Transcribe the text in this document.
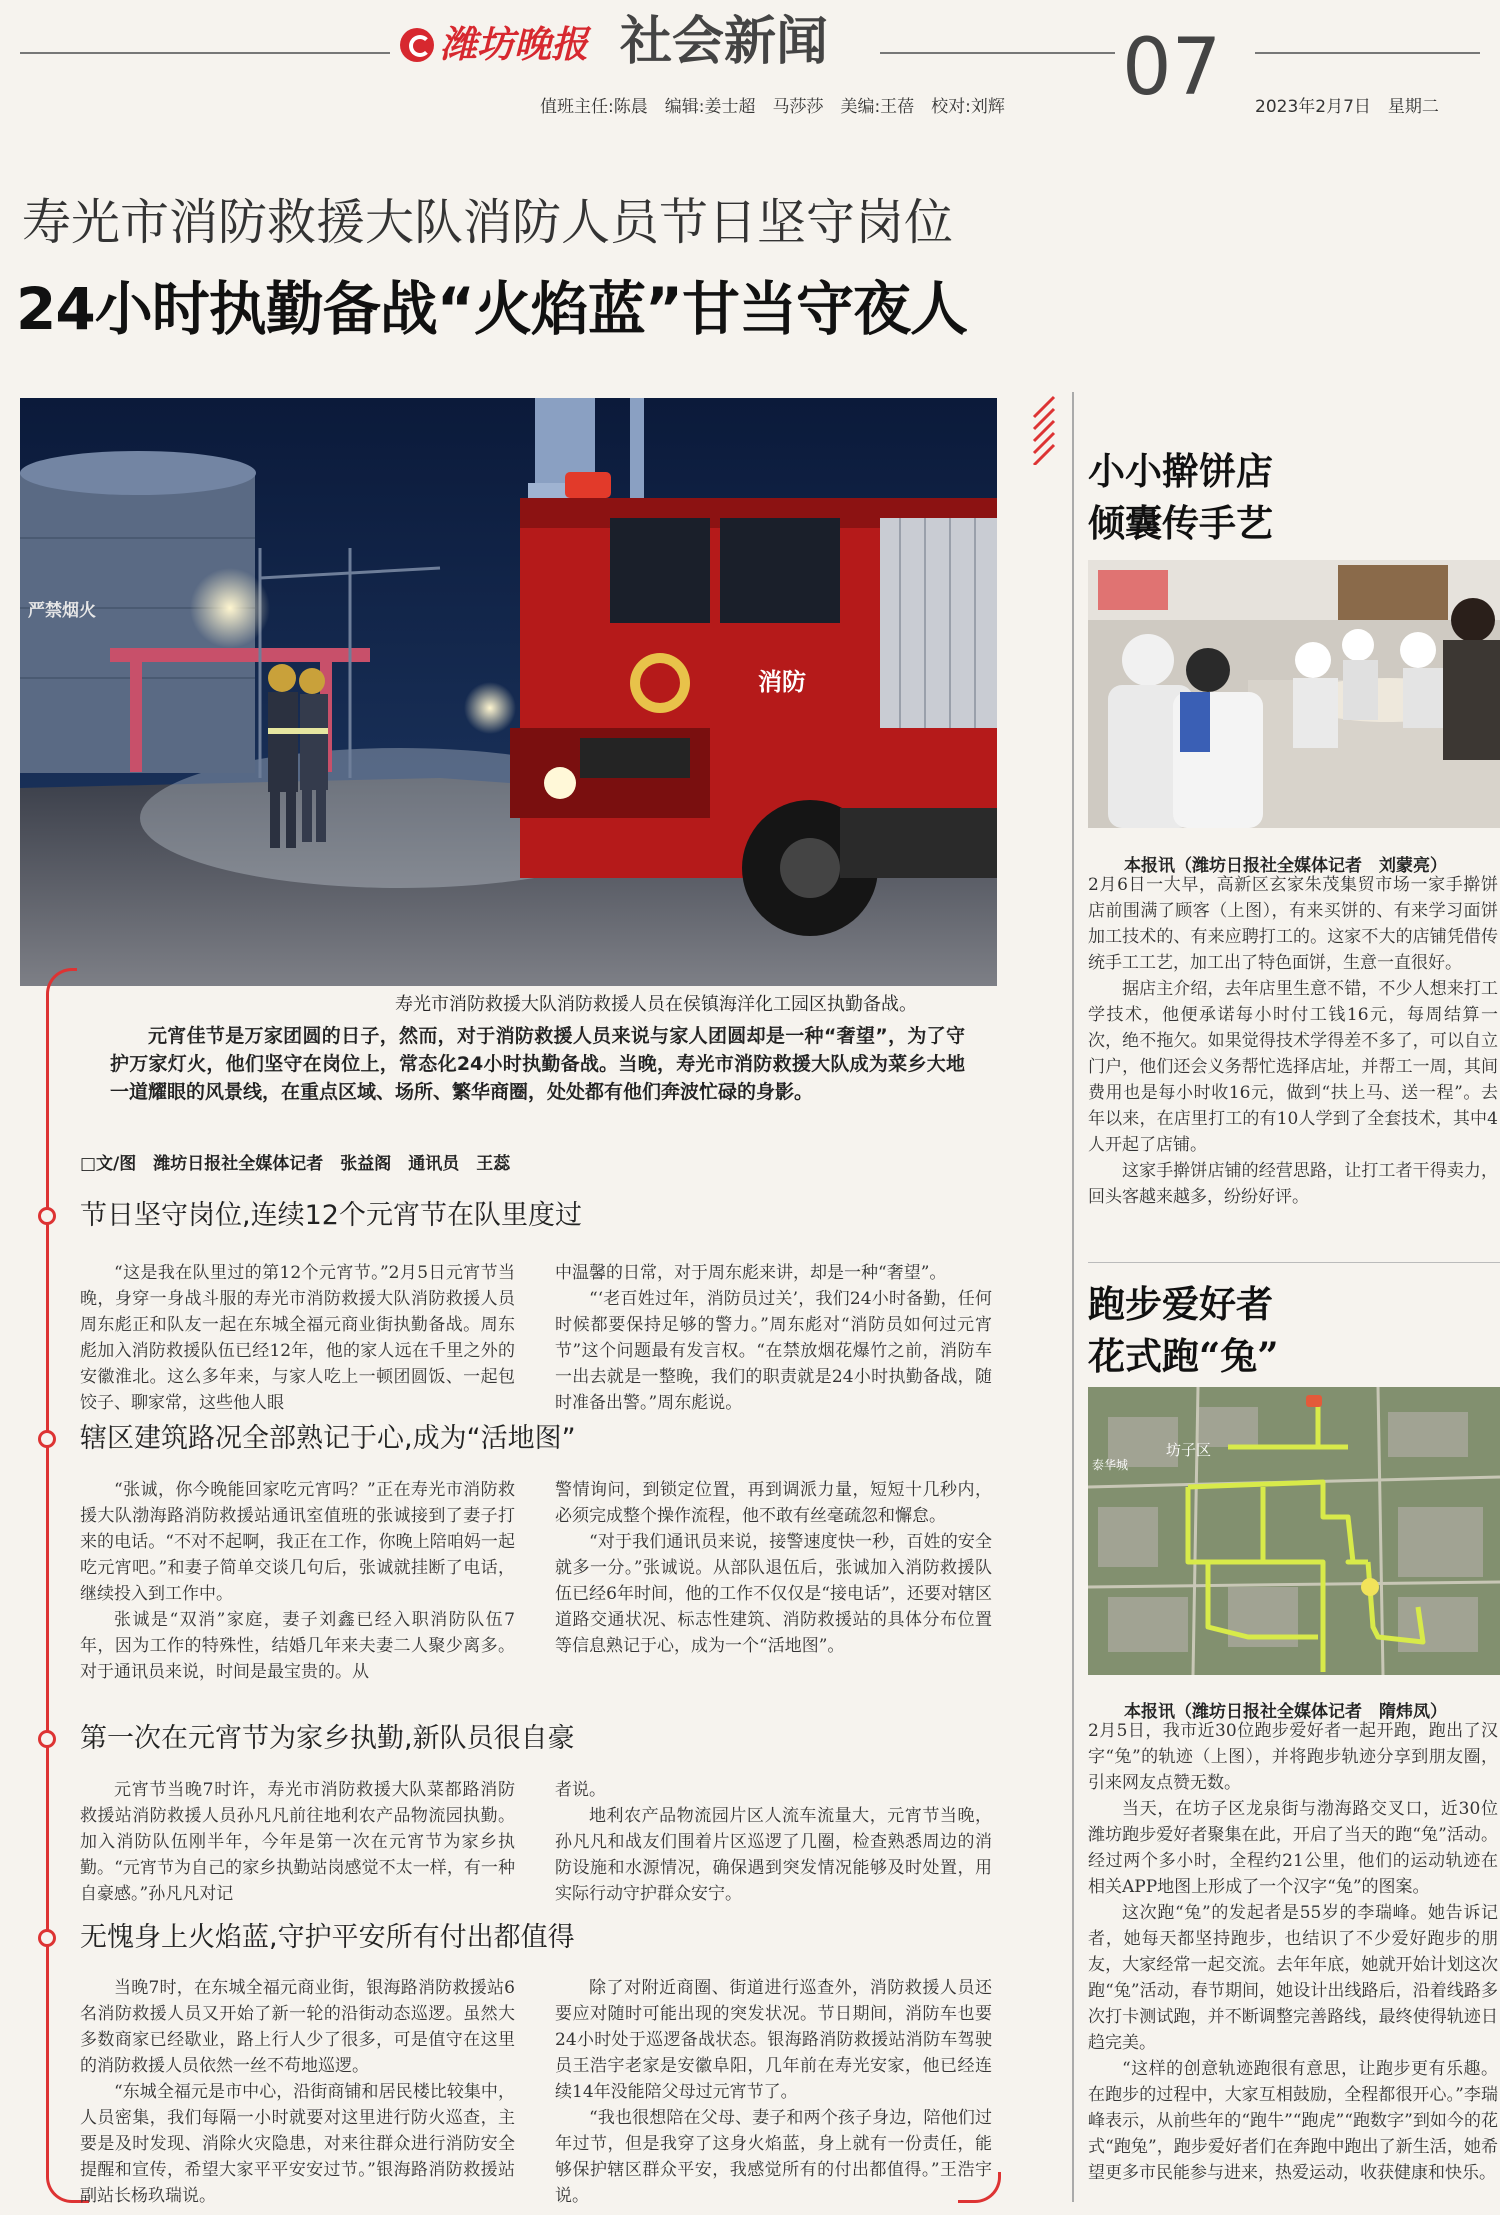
潍坊晚报 社会新闻	07
值班主任:陈晨　编辑:姜士超　马莎莎　美编:王蓓　校对:刘辉	2023年2月7日　星期二
寿光市消防救援大队消防人员节日坚守岗位
24小时执勤备战“火焰蓝”甘当守夜人
严禁烟火
消防
寿光市消防救援大队消防救援人员在侯镇海洋化工园区执勤备战。
元宵佳节是万家团圆的日子，然而，对于消防救援人员来说与家人团圆却是一种“奢望”，为了守护万家灯火，他们坚守在岗位上，常态化24小时执勤备战。当晚，寿光市消防救援大队成为菜乡大地一道耀眼的风景线，在重点区域、场所、繁华商圈，处处都有他们奔波忙碌的身影。
□文/图　潍坊日报社全媒体记者　张益阁　通讯员　王蕊
节日坚守岗位,连续12个元宵节在队里度过

“这是我在队里过的第12个元宵节。”2月5日元宵节当晚，身穿一身战斗服的寿光市消防救援大队消防救援人员周东彪正和队友一起在东城全福元商业街执勤备战。周东彪加入消防救援队伍已经12年，他的家人远在千里之外的安徽淮北。这么多年来，与家人吃上一顿团圆饭、一起包饺子、聊家常，这些他人眼

中温馨的日常，对于周东彪来讲，却是一种“奢望”。

“‘老百姓过年，消防员过关’，我们24小时备勤，任何时候都要保持足够的警力。”周东彪对“消防员如何过元宵节”这个问题最有发言权。“在禁放烟花爆竹之前，消防车一出去就是一整晚，我们的职责就是24小时执勤备战，随时准备出警。”周东彪说。

辖区建筑路况全部熟记于心,成为“活地图”

“张诚，你今晚能回家吃元宵吗？”正在寿光市消防救援大队渤海路消防救援站通讯室值班的张诚接到了妻子打来的电话。“不对不起啊，我正在工作，你晚上陪咱妈一起吃元宵吧。”和妻子简单交谈几句后，张诚就挂断了电话，继续投入到工作中。

张诚是“双消”家庭，妻子刘鑫已经入职消防队伍7年，因为工作的特殊性，结婚几年来夫妻二人聚少离多。对于通讯员来说，时间是最宝贵的。从

警情询问，到锁定位置，再到调派力量，短短十几秒内，必须完成整个操作流程，他不敢有丝毫疏忽和懈怠。

“对于我们通讯员来说，接警速度快一秒，百姓的安全就多一分。”张诚说。从部队退伍后，张诚加入消防救援队伍已经6年时间，他的工作不仅仅是“接电话”，还要对辖区道路交通状况、标志性建筑、消防救援站的具体分布位置等信息熟记于心，成为一个“活地图”。

第一次在元宵节为家乡执勤,新队员很自豪

元宵节当晚7时许，寿光市消防救援大队菜都路消防救援站消防救援人员孙凡凡前往地利农产品物流园执勤。加入消防队伍刚半年，今年是第一次在元宵节为家乡执勤。“元宵节为自己的家乡执勤站岗感觉不太一样，有一种自豪感。”孙凡凡对记

者说。

地利农产品物流园片区人流车流量大，元宵节当晚，孙凡凡和战友们围着片区巡逻了几圈，检查熟悉周边的消防设施和水源情况，确保遇到突发情况能够及时处置，用实际行动守护群众安宁。

无愧身上火焰蓝,守护平安所有付出都值得

当晚7时，在东城全福元商业街，银海路消防救援站6名消防救援人员又开始了新一轮的沿街动态巡逻。虽然大多数商家已经歇业，路上行人少了很多，可是值守在这里的消防救援人员依然一丝不苟地巡逻。

“东城全福元是市中心，沿街商铺和居民楼比较集中，人员密集，我们每隔一小时就要对这里进行防火巡查，主要是及时发现、消除火灾隐患，对来往群众进行消防安全提醒和宣传，希望大家平平安安过节。”银海路消防救援站副站长杨玖瑞说。

除了对附近商圈、街道进行巡查外，消防救援人员还要应对随时可能出现的突发状况。节日期间，消防车也要24小时处于巡逻备战状态。银海路消防救援站消防车驾驶员王浩宇老家是安徽阜阳，几年前在寿光安家，他已经连续14年没能陪父母过元宵节了。

“我也很想陪在父母、妻子和两个孩子身边，陪他们过年过节，但是我穿了这身火焰蓝，身上就有一份责任，能够保护辖区群众平安，我感觉所有的付出都值得。”王浩宇说。

小小擀饼店
倾囊传手艺
本报讯（潍坊日报社全媒体记者　刘蒙亮）

2月6日一大早，高新区玄家朱茂集贸市场一家手擀饼店前围满了顾客（上图），有来买饼的、有来学习面饼加工技术的、有来应聘打工的。这家不大的店铺凭借传统手工工艺，加工出了特色面饼，生意一直很好。

据店主介绍，去年店里生意不错，不少人想来打工学技术，他便承诺每小时付工钱16元，每周结算一次，绝不拖欠。如果觉得技术学得差不多了，可以自立门户，他们还会义务帮忙选择店址，并帮工一周，其间费用也是每小时收16元，做到“扶上马、送一程”。去年以来，在店里打工的有10人学到了全套技术，其中4人开起了店铺。

这家手擀饼店铺的经营思路，让打工者干得卖力，回头客越来越多，纷纷好评。

跑步爱好者
花式跑“兔”
坊子区
泰华城
本报讯（潍坊日报社全媒体记者　隋炜凤）

2月5日，我市近30位跑步爱好者一起开跑，跑出了汉字“兔”的轨迹（上图），并将跑步轨迹分享到朋友圈，引来网友点赞无数。

当天，在坊子区龙泉街与渤海路交叉口，近30位潍坊跑步爱好者聚集在此，开启了当天的跑“兔”活动。经过两个多小时，全程约21公里，他们的运动轨迹在相关APP地图上形成了一个汉字“兔”的图案。

这次跑“兔”的发起者是55岁的李瑞峰。她告诉记者，她每天都坚持跑步，也结识了不少爱好跑步的朋友，大家经常一起交流。去年年底，她就开始计划这次跑“兔”活动，春节期间，她设计出线路后，沿着线路多次打卡测试跑，并不断调整完善路线，最终使得轨迹日趋完美。

“这样的创意轨迹跑很有意思，让跑步更有乐趣。在跑步的过程中，大家互相鼓励，全程都很开心。”李瑞峰表示，从前些年的“跑牛”“跑虎”“跑数字”到如今的花式“跑兔”，跑步爱好者们在奔跑中跑出了新生活，她希望更多市民能参与进来，热爱运动，收获健康和快乐。
